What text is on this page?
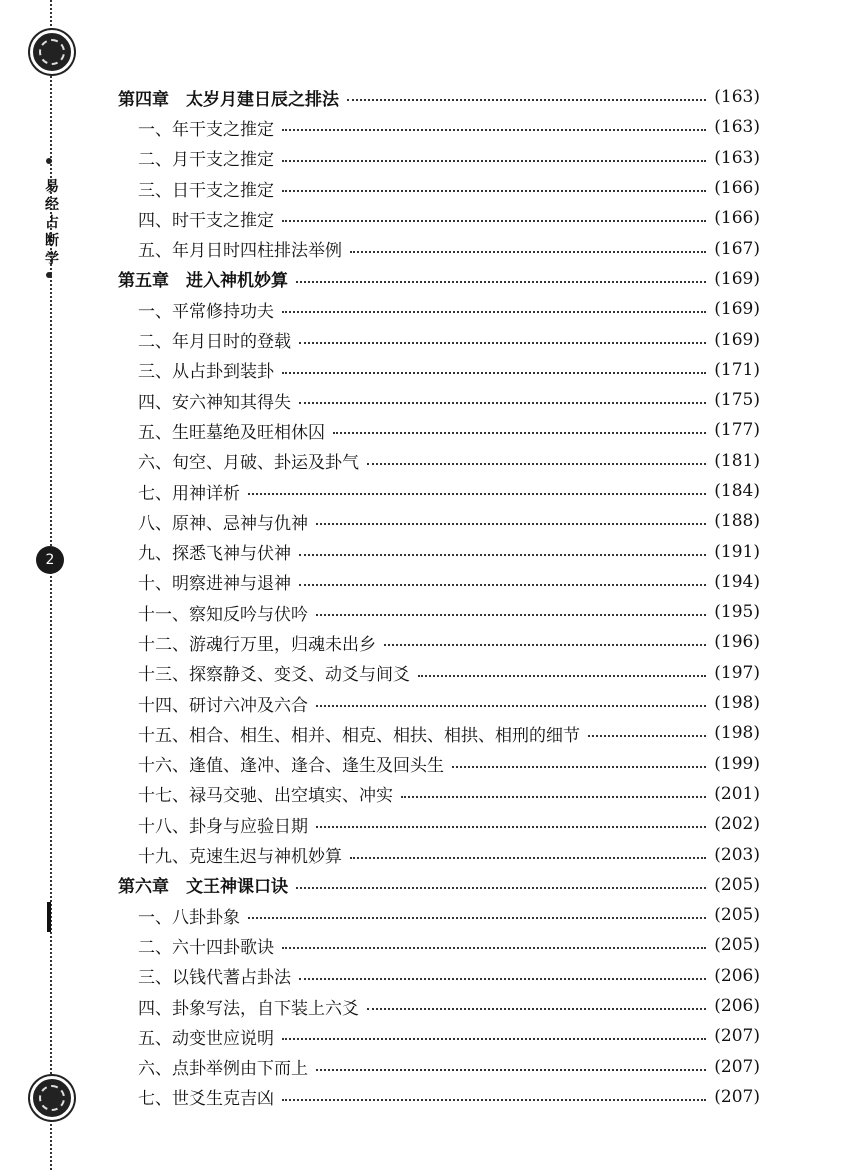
易经占断学
2
第四章　太岁月建日辰之排法	(163)
一、年干支之推定	(163)
二、月干支之推定	(163)
三、日干支之推定	(166)
四、时干支之推定	(166)
五、年月日时四柱排法举例	(167)
第五章　进入神机妙算	(169)
一、平常修持功夫	(169)
二、年月日时的登载	(169)
三、从占卦到装卦	(171)
四、安六神知其得失	(175)
五、生旺墓绝及旺相休囚	(177)
六、旬空、月破、卦运及卦气	(181)
七、用神详析	(184)
八、原神、忌神与仇神	(188)
九、探悉飞神与伏神	(191)
十、明察进神与退神	(194)
十一、察知反吟与伏吟	(195)
十二、游魂行万里，归魂未出乡	(196)
十三、探察静爻、变爻、动爻与间爻	(197)
十四、研讨六冲及六合	(198)
十五、相合、相生、相并、相克、相扶、相拱、相刑的细节	(198)
十六、逢值、逢冲、逢合、逢生及回头生	(199)
十七、禄马交驰、出空填实、冲实	(201)
十八、卦身与应验日期	(202)
十九、克速生迟与神机妙算	(203)
第六章　文王神课口诀	(205)
一、八卦卦象	(205)
二、六十四卦歌诀	(205)
三、以钱代蓍占卦法	(206)
四、卦象写法，自下装上六爻	(206)
五、动变世应说明	(207)
六、点卦举例由下而上	(207)
七、世爻生克吉凶	(207)
